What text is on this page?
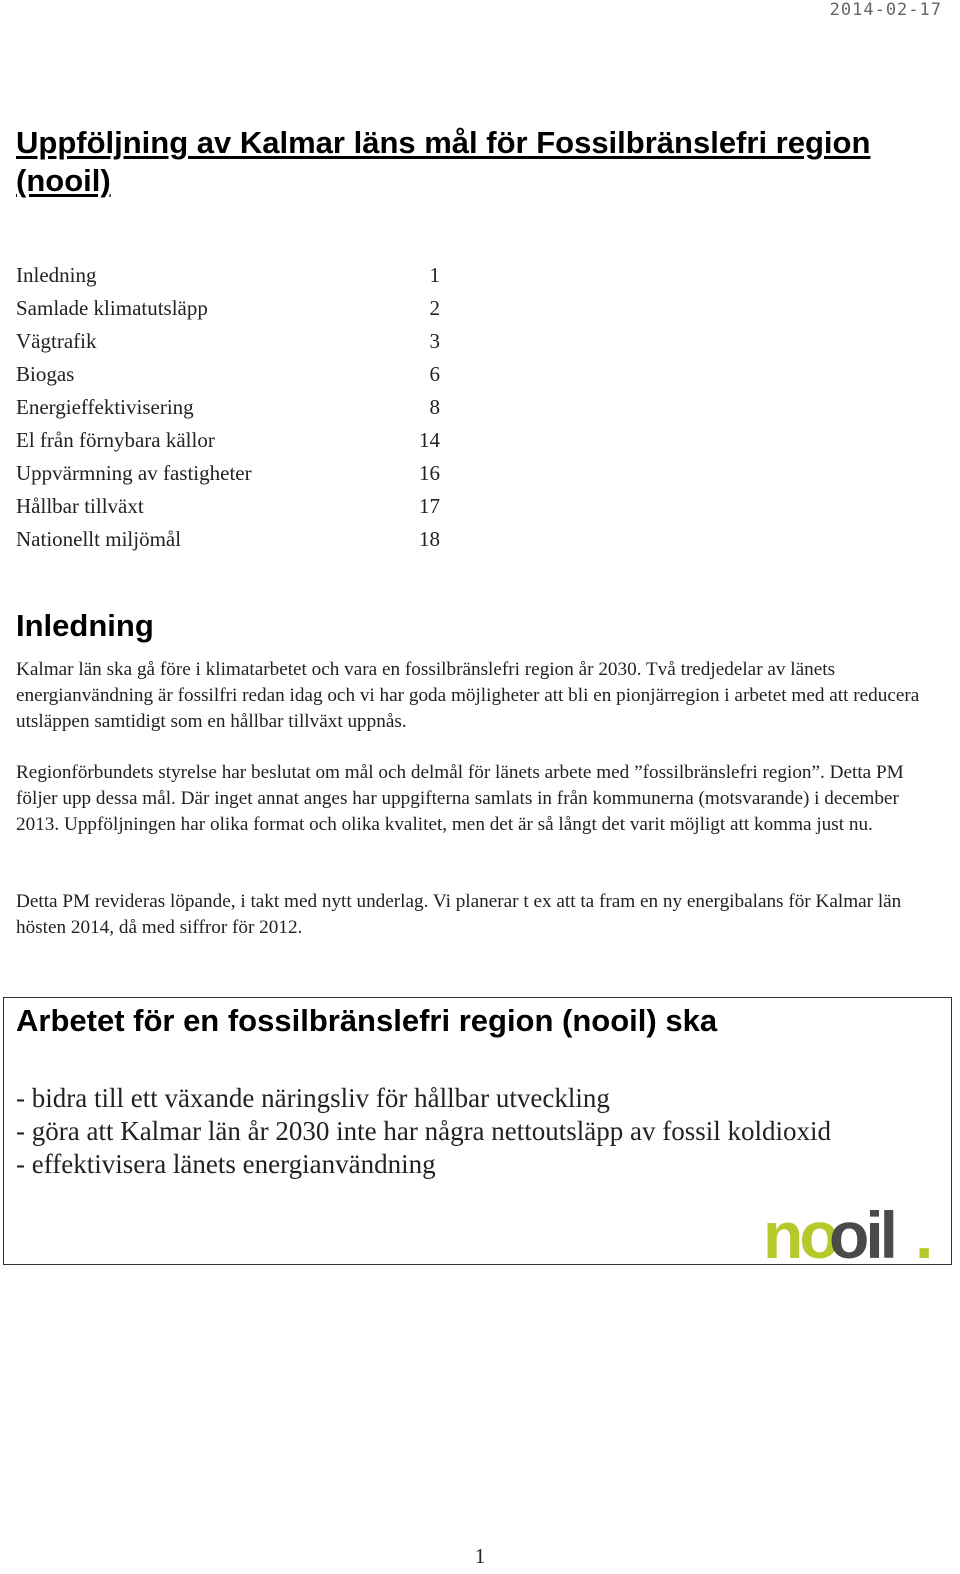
2014-02-17
Uppföljning av Kalmar läns mål för Fossilbränslefri region (nooil)
Inledning	1
Samlade klimatutsläpp	2
Vägtrafik	3
Biogas	6
Energieffektivisering	8
El från förnybara källor	14
Uppvärmning av fastigheter	16
Hållbar tillväxt	17
Nationellt miljömål	18
Inledning

Kalmar län ska gå före i klimatarbetet och vara en fossilbränslefri region år 2030. Två tredjedelar av länets energianvändning är fossilfri redan idag och vi har goda möjligheter att bli en pionjärregion i arbetet med att reducera utsläppen samtidigt som en hållbar tillväxt uppnås.

Regionförbundets styrelse har beslutat om mål och delmål för länets arbete med ”fossilbränslefri region”. Detta PM följer upp dessa mål. Där inget annat anges har uppgifterna samlats in från kommunerna (motsvarande) i december 2013. Uppföljningen har olika format och olika kvalitet, men det är så långt det varit möjligt att komma just nu.

Detta PM revideras löpande, i takt med nytt underlag. Vi planerar t ex att ta fram en ny energibalans för Kalmar län hösten 2014, då med siffror för 2012.

Arbetet för en fossilbränslefri region (nooil) ska
- bidra till ett växande näringsliv för hållbar utveckling
- göra att Kalmar län år 2030 inte har några nettoutsläpp av fossil koldioxid
- effektivisera länets energianvändning
no
oil .
1
